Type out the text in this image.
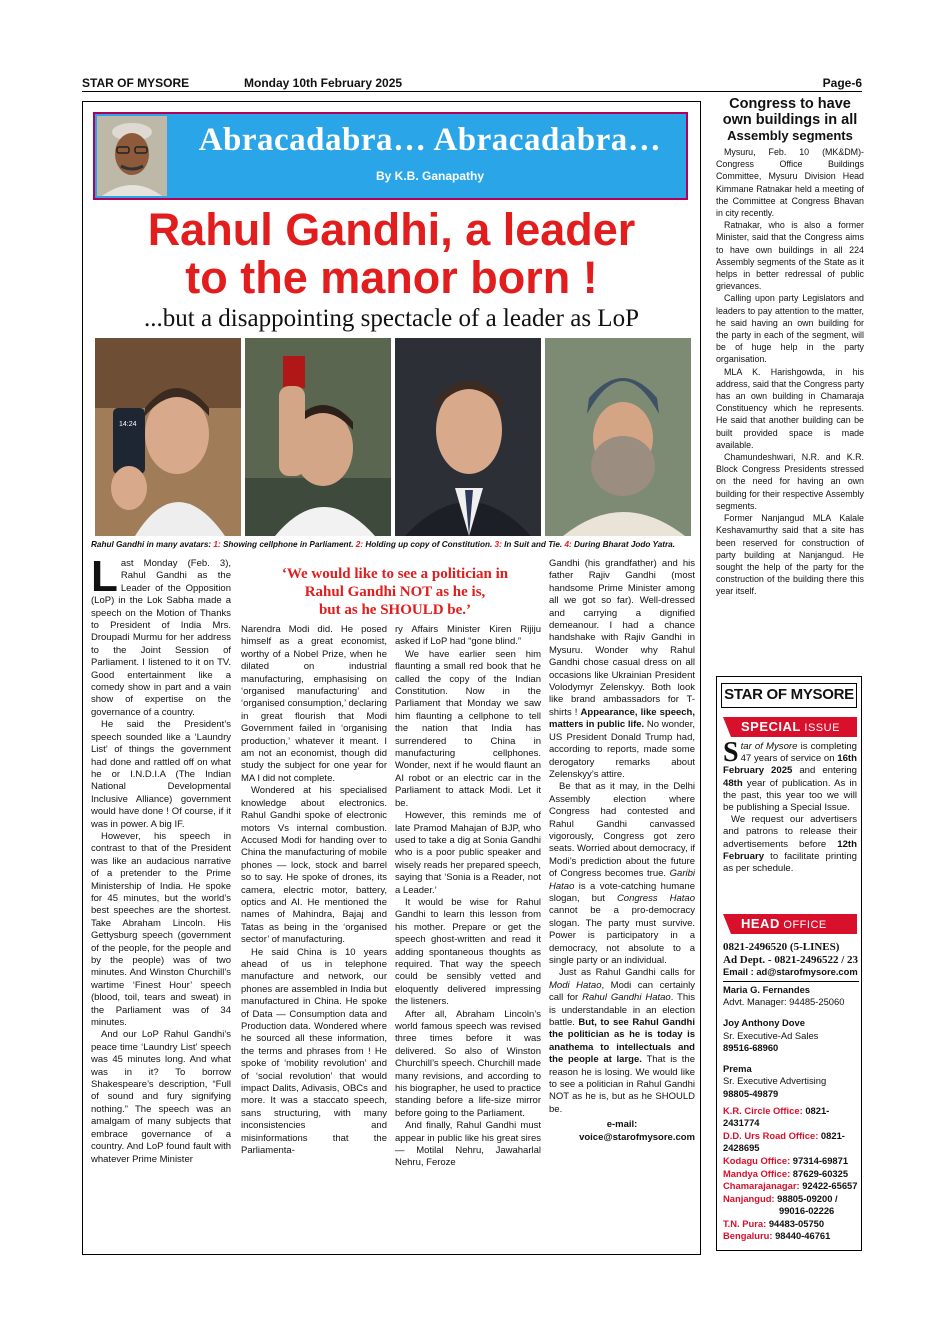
STAR OF MYSORE	Monday 10th February 2025	Page-6
Abracadabra… Abracadabra…
By K.B. Ganapathy
Rahul Gandhi, a leader
to the manor born !
...but a disappointing spectacle of a leader as LoP
14:24
Rahul Gandhi in many avatars: 1: Showing cellphone in Parliament. 2: Holding up copy of Constitution. 3: In Suit and Tie. 4: During Bharat Jodo Yatra.
‘We would like to see a politician in
Rahul Gandhi NOT as he is,
but as he SHOULD be.’

Last Monday (Feb. 3), Rahul Gandhi as the Leader of the Opposition (LoP) in the Lok Sabha made a speech on the Motion of Thanks to President of India Mrs. Droupadi Murmu for her address to the Joint Session of Parliament. I listened to it on TV. Good entertainment like a comedy show in part and a vain show of expertise on the governance of a country.

He said the President’s speech sounded like a ‘Laundry List’ of things the government had done and rattled off on what he or I.N.D.I.A (The Indian National Developmental Inclusive Alliance) government would have done ! Of course, if it was in power. A big IF.

However, his speech in contrast to that of the President was like an audacious narrative of a pretender to the Prime Ministership of India. He spoke for 45 minutes, but the world’s best speeches are the shortest. Take Abraham Lincoln. His Gettysburg speech (government of the people, for the people and by the people) was of two minutes. And Winston Churchill’s wartime ‘Finest Hour’ speech (blood, toil, tears and sweat) in the Parliament was of 34 minutes.

And our LoP Rahul Gandhi’s peace time ‘Laundry List’ speech was 45 minutes long. And what was in it? To borrow Shakespeare’s description, “Full of sound and fury signifying nothing.” The speech was an amalgam of many subjects that embrace governance of a country. And LoP found fault with whatever Prime Minister

Narendra Modi did. He posed himself as a great economist, worthy of a Nobel Prize, when he dilated on industrial manufacturing, emphasising on ‘organised manufacturing’ and ‘organised consumption,’ declaring in great flourish that Modi Government failed in ‘organising production,’ whatever it meant. I am not an economist, though did study the subject for one year for MA I did not complete.

Wondered at his specialised knowledge about electronics. Rahul Gandhi spoke of electronic motors Vs internal combustion. Accused Modi for handing over to China the manufacturing of mobile phones — lock, stock and barrel so to say. He spoke of drones, its camera, electric motor, battery, optics and AI. He mentioned the names of Mahindra, Bajaj and Tatas as being in the ‘organised sector’ of manufacturing.

He said China is 10 years ahead of us in telephone manufacture and network, our phones are assembled in India but manufactured in China. He spoke of Data — Consumption data and Production data. Wondered where he sourced all these information, the terms and phrases from ! He spoke of ‘mobility revolution’ and of ‘social revolution’ that would impact Dalits, Adivasis, OBCs and more. It was a staccato speech, sans structuring, with many inconsistencies and misinformations that the Parliamenta-

ry Affairs Minister Kiren Rijiju asked if LoP had “gone blind.”

We have earlier seen him flaunting a small red book that he called the copy of the Indian Constitution. Now in the Parliament that Monday we saw him flaunting a cellphone to tell the nation that India has surrendered to China in manufacturing cellphones. Wonder, next if he would flaunt an AI robot or an electric car in the Parliament to attack Modi. Let it be.

However, this reminds me of late Pramod Mahajan of BJP, who used to take a dig at Sonia Gandhi who is a poor public speaker and wisely reads her prepared speech, saying that ‘Sonia is a Reader, not a Leader.’

It would be wise for Rahul Gandhi to learn this lesson from his mother. Prepare or get the speech ghost-written and read it adding spontaneous thoughts as required. That way the speech could be sensibly vetted and eloquently delivered impressing the listeners.

After all, Abraham Lincoln’s world famous speech was revised three times before it was delivered. So also of Winston Churchill’s speech. Churchill made many revisions, and according to his biographer, he used to practice standing before a life-size mirror before going to the Parliament.

And finally, Rahul Gandhi must appear in public like his great sires — Motilal Nehru, Jawaharlal Nehru, Feroze

Gandhi (his grandfather) and his father Rajiv Gandhi (most handsome Prime Minister among all we got so far). Well-dressed and carrying a dignified demeanour. I had a chance handshake with Rajiv Gandhi in Mysuru. Wonder why Rahul Gandhi chose casual dress on all occasions like Ukrainian President Volodymyr Zelenskyy. Both look like brand ambassadors for T-shirts ! Appearance, like speech, matters in public life. No wonder, US President Donald Trump had, according to reports, made some derogatory remarks about Zelenskyy’s attire.

Be that as it may, in the Delhi Assembly election where Congress had contested and Rahul Gandhi canvassed vigorously, Congress got zero seats. Worried about democracy, if Modi’s prediction about the future of Congress becomes true. Garibi Hatao is a vote-catching humane slogan, but Congress Hatao cannot be a pro-democracy slogan. The party must survive. Power is participatory in a democracy, not absolute to a single party or an individual.

Just as Rahul Gandhi calls for Modi Hatao, Modi can certainly call for Rahul Gandhi Hatao. This is understandable in an election battle. But, to see Rahul Gandhi the politician as he is today is anathema to intellectuals and the people at large. That is the reason he is losing. We would like to see a politician in Rahul Gandhi NOT as he is, but as he SHOULD be.

e-mail:
voice@starofmysore.com
Congress to have
own buildings in all
Assembly segments

Mysuru, Feb. 10 (MK&DM)- Congress Office Buildings Committee, Mysuru Division Head Kimmane Ratnakar held a meeting of the Committee at Congress Bhavan in city recently.

Ratnakar, who is also a former Minister, said that the Congress aims to have own buildings in all 224 Assembly segments of the State as it helps in better redressal of public grievances.

Calling upon party Legislators and leaders to pay attention to the matter, he said having an own building for the party in each of the segment, will be of huge help in the party organisation.

MLA K. Harishgowda, in his address, said that the Congress party has an own building in Chamaraja Constituency which he represents. He said that another building can be built provided space is made available.

Chamundeshwari, N.R. and K.R. Block Congress Presidents stressed on the need for having an own building for their respective Assembly segments.

Former Nanjangud MLA Kalale Keshavamurthy said that a site has been reserved for construction of party building at Nanjangud. He sought the help of the party for the construction of the building there this year itself.

STAR OF MYSORE
SPECIAL ISSUE

Star of Mysore is completing 47 years of service on 16th February 2025 and entering 48th year of publication. As in the past, this year too we will be publishing a Special Issue.

We request our advertisers and patrons to release their advertisements before 12th February to facilitate printing as per schedule.

HEAD OFFICE
0821-2496520 (5-LINES)
Ad Dept. - 0821-2496522 / 23
Email : ad@starofmysore.com
Maria G. Fernandes
Advt. Manager: 94485-25060
Joy Anthony Dove
Sr. Executive-Ad Sales
89516-68960
Prema
Sr. Executive Advertising
98805-49879
K.R. Circle Office: 0821-2431774
D.D. Urs Road Office: 0821-2428695
Kodagu Office: 97314-69871
Mandya Office: 87629-60325
Chamarajanagar: 92422-65657
Nanjangud: 98805-09200 /
99016-02226
T.N. Pura: 94483-05750
Bengaluru: 98440-46761
